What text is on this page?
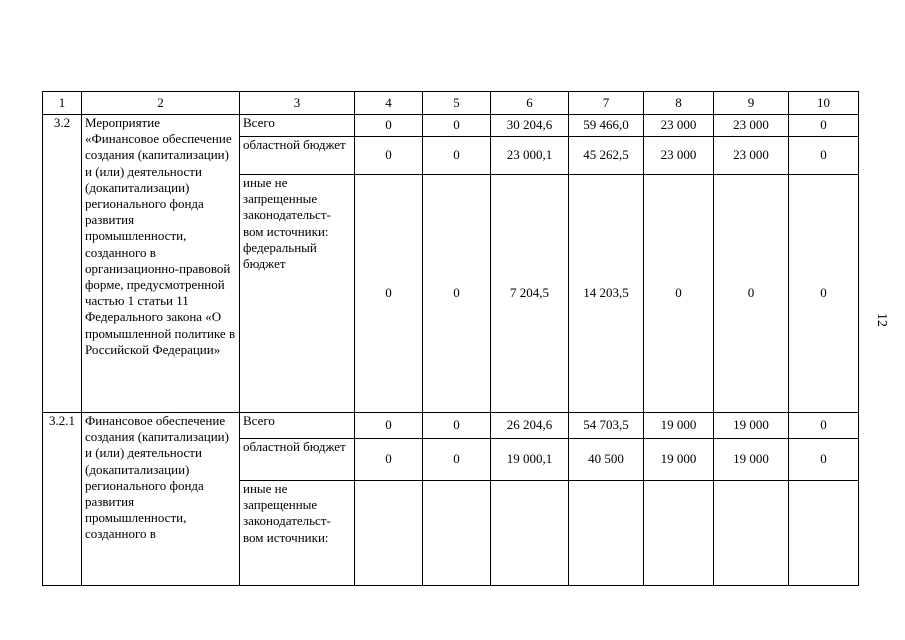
1	2	3	4	5	6	7	8	9	10
3.2	Мероприятие «Финансовое обеспечение создания (капитализации) и (или) деятельности (докапитализации) регионального фонда развития промышленности, созданного в организационно-правовой форме, предусмотренной частью 1 статьи 11 Федерального закона «О промышленной политике в Российской Федерации»	Всего	0	0	30 204,6	59 466,0	23 000	23 000	0
		областной бюджет	0	0	23 000,1	45 262,5	23 000	23 000	0
		иные не запрещенные законодательст-вом источники: федеральный бюджет	0	0	7 204,5	14 203,5	0	0	0
3.2.1	Финансовое обеспечение создания (капитализации) и (или) деятельности (докапитализации) регионального фонда развития промышленности, созданного в	Всего	0	0	26 204,6	54 703,5	19 000	19 000	0
		областной бюджет	0	0	19 000,1	40 500	19 000	19 000	0
		иные не запрещенные законодательст-вом источники:							
12
